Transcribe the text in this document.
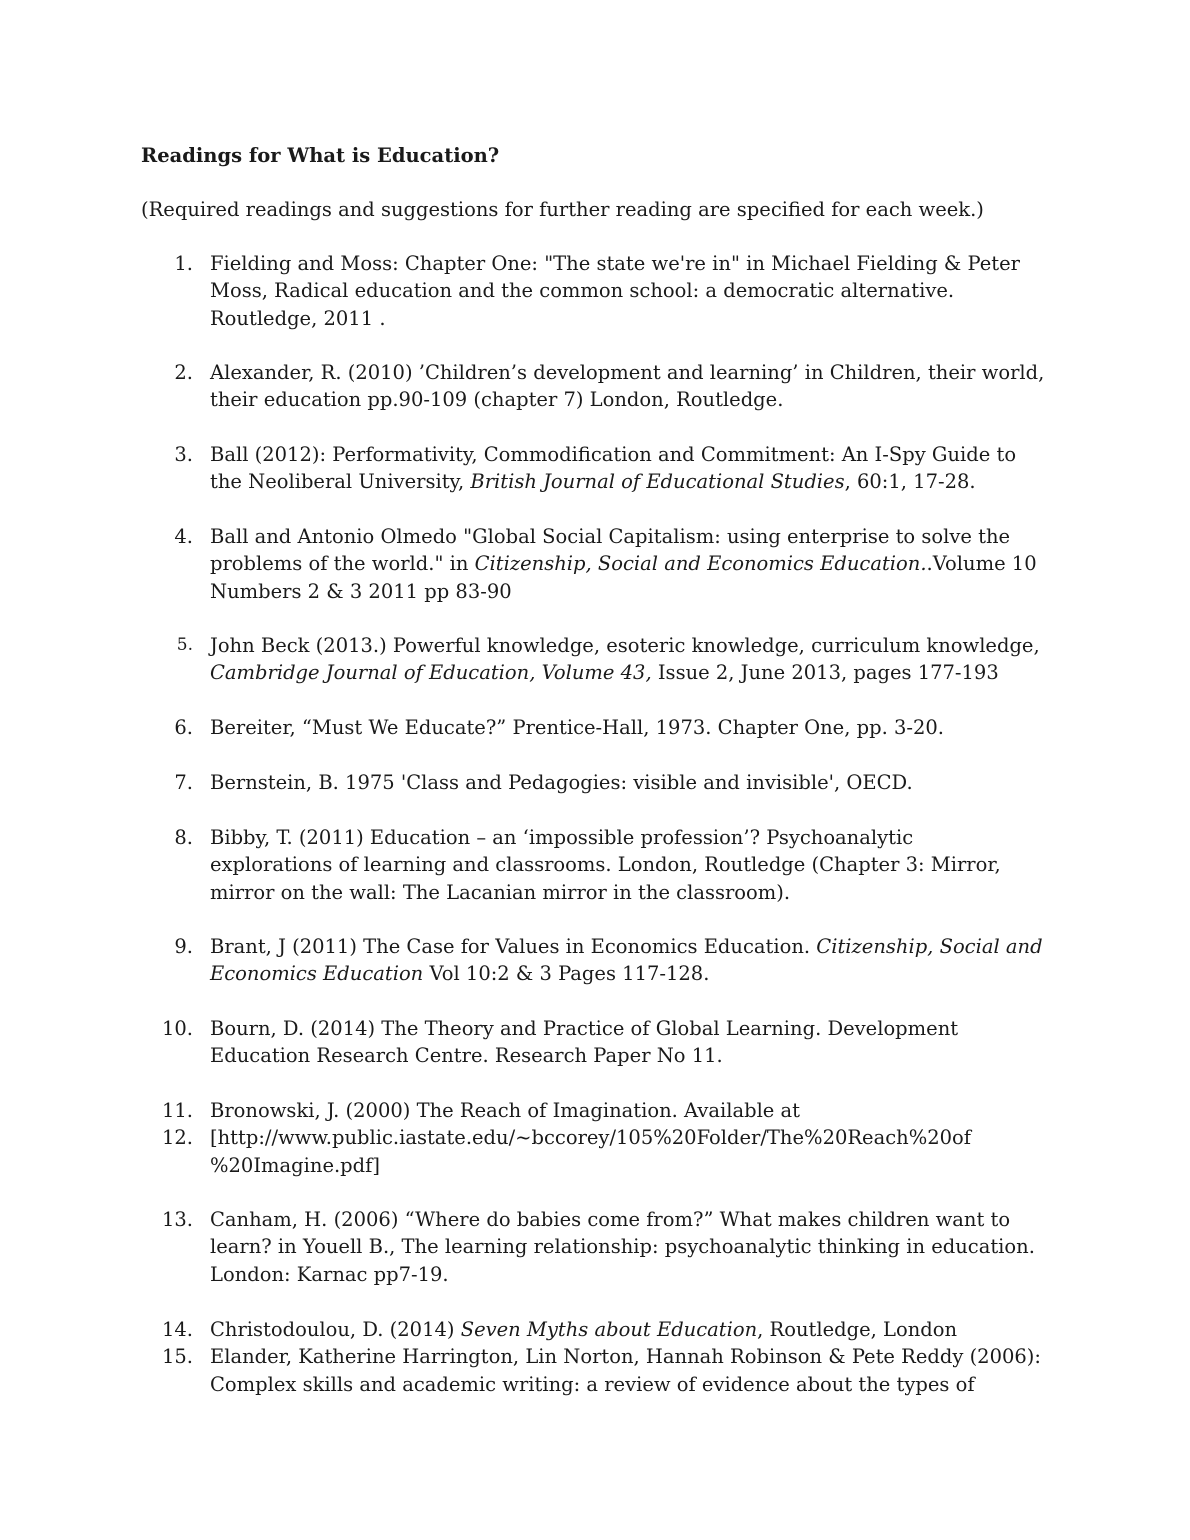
Readings for What is Education?
(Required readings and suggestions for further reading are specified for each week.)
1. Fielding and Moss: Chapter One: "The state we're in" in Michael Fielding & Peter
Moss, Radical education and the common school: a democratic alternative.
Routledge, 2011 .
2. Alexander, R. (2010) ’Children’s development and learning’ in Children, their world,
their education pp.90-109 (chapter 7) London, Routledge.
3. Ball (2012): Performativity, Commodification and Commitment: An I-Spy Guide to
the Neoliberal University, British Journal of Educational Studies, 60:1, 17-28.
4. Ball and Antonio Olmedo "Global Social Capitalism: using enterprise to solve the
problems of the world." in Citizenship, Social and Economics Education..Volume 10
Numbers 2 & 3 2011 pp 83-90
5. John Beck (2013.) Powerful knowledge, esoteric knowledge, curriculum knowledge,
Cambridge Journal of Education, Volume 43, Issue 2, June 2013, pages 177-193
6. Bereiter, “Must We Educate?” Prentice-Hall, 1973. Chapter One, pp. 3-20.
7. Bernstein, B. 1975 'Class and Pedagogies: visible and invisible', OECD.
8. Bibby, T. (2011) Education – an ‘impossible profession’? Psychoanalytic
explorations of learning and classrooms. London, Routledge (Chapter 3: Mirror,
mirror on the wall: The Lacanian mirror in the classroom).
9. Brant, J (2011) The Case for Values in Economics Education. Citizenship, Social and
Economics Education Vol 10:2 & 3 Pages 117-128.
10. Bourn, D. (2014) The Theory and Practice of Global Learning. Development
Education Research Centre. Research Paper No 11.
11. Bronowski, J. (2000) The Reach of Imagination. Available at
12. [http://www.public.iastate.edu/~bccorey/105%20Folder/The%20Reach%20of
%20Imagine.pdf]
13. Canham, H. (2006) “Where do babies come from?” What makes children want to
learn? in Youell B., The learning relationship: psychoanalytic thinking in education.
London: Karnac pp7-19.
14. Christodoulou, D. (2014) Seven Myths about Education, Routledge, London
15. Elander, Katherine Harrington, Lin Norton, Hannah Robinson & Pete Reddy (2006):
Complex skills and academic writing: a review of evidence about the types of
